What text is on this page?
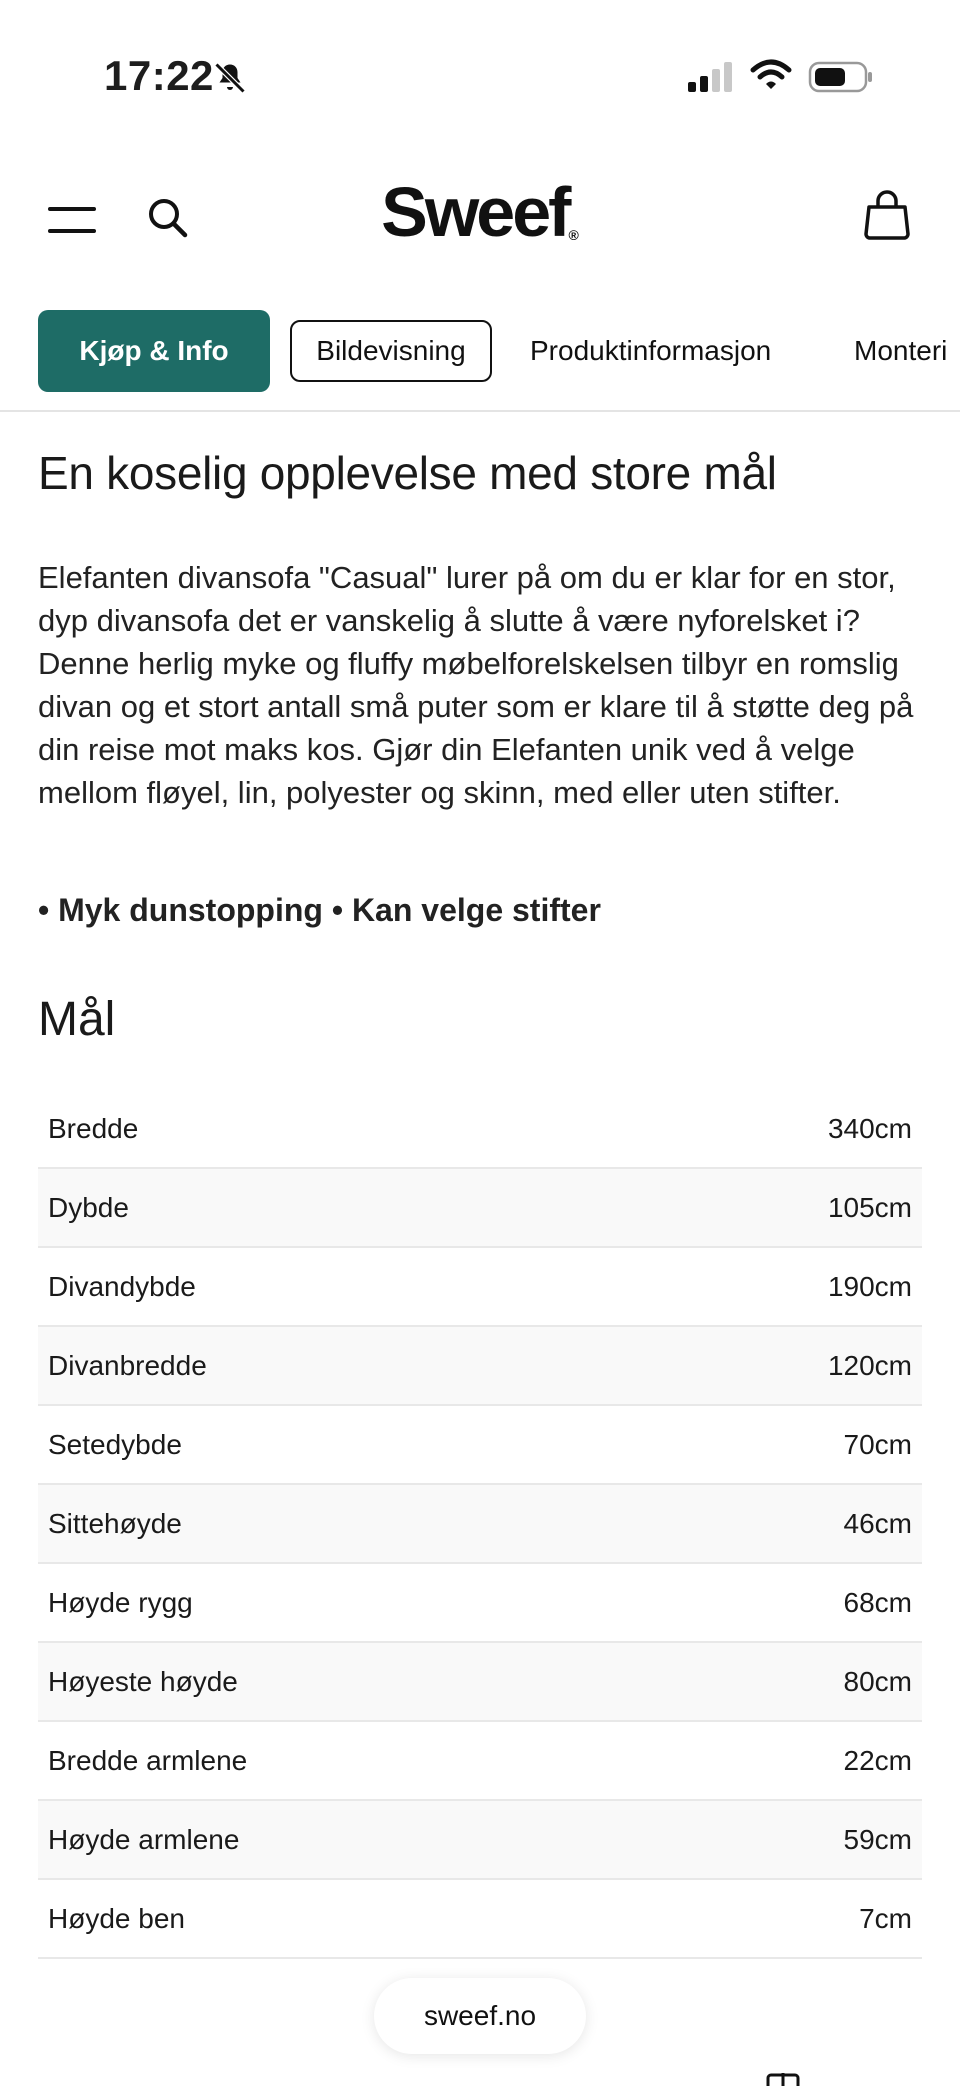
17:22
Sweef®
Kjøp & Info	Bildevisning	Produktinformasjon	Monteri
En koselig opplevelse med store mål

Elefanten divansofa "Casual" lurer på om du er klar for en stor, dyp divansofa det er vanskelig å slutte å være nyforelsket i? Denne herlig myke og fluffy møbelforelskelsen tilbyr en romslig divan og et stort antall små puter som er klare til å støtte deg på din reise mot maks kos. Gjør din Elefanten unik ved å velge mellom fløyel, lin, polyester og skinn, med eller uten stifter.

• Myk dunstopping • Kan velge stifter

Mål
Bredde	340cm
Dybde	105cm
Divandybde	190cm
Divanbredde	120cm
Setedybde	70cm
Sittehøyde	46cm
Høyde rygg	68cm
Høyeste høyde	80cm
Bredde armlene	22cm
Høyde armlene	59cm
Høyde ben	7cm
sweef.no
